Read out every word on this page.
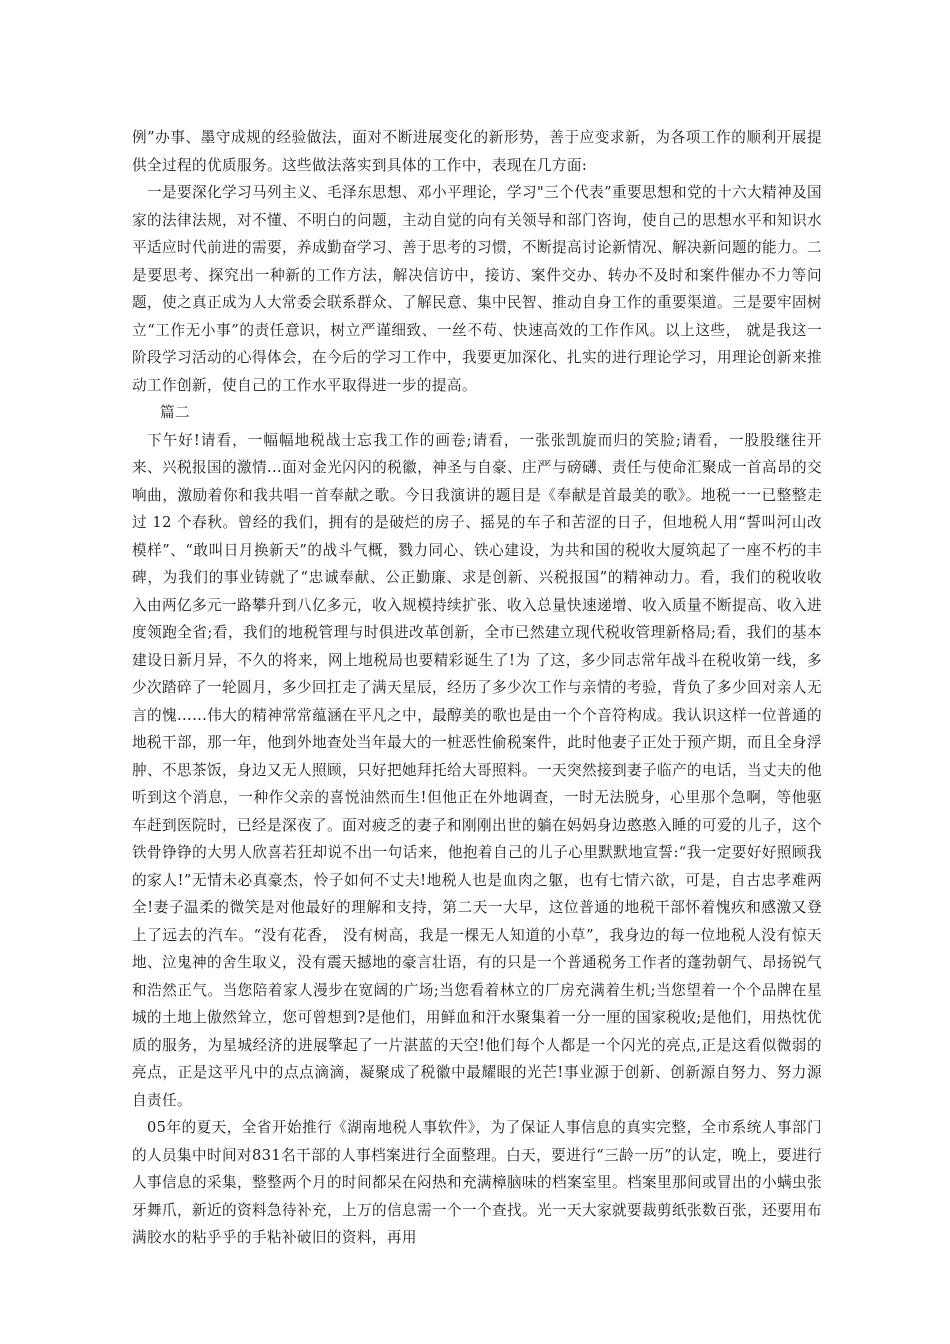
例”办事、墨守成规的经验做法，面对不断进展变化的新形势，善于应变求新，为各项工作的顺利开展提供全过程的优质服务。这些做法落实到具体的工作中，表现在几方面:

一是要深化学习马列主义、毛泽东思想、邓小平理论，学习"三个代表”重要思想和党的十六大精神及国家的法律法规，对不懂、不明白的问题，主动自觉的向有关领导和部门咨询，使自己的思想水平和知识水平适应时代前进的需要，养成勤奋学习、善于思考的习惯，不断提高讨论新情况、解决新问题的能力。二是要思考、探究出一种新的工作方法，解决信访中，接访、案件交办、转办不及时和案件催办不力等问题，使之真正成为人大常委会联系群众、了解民意、集中民智、推动自身工作的重要渠道。三是要牢固树立“工作无小事”的责任意识，树立严谨细致、一丝不苟、快速高效的工作作风。以上这些， 就是我这一阶段学习活动的心得体会，在今后的学习工作中，我要更加深化、扎实的进行理论学习，用理论创新来推动工作创新，使自己的工作水平取得进一步的提高。

篇二

下午好!请看，一幅幅地税战士忘我工作的画卷;请看，一张张凯旋而归的笑脸;请看，一股股继往开来、兴税报国的激情...面对金光闪闪的税徽，神圣与自豪、庄严与磅礴、责任与使命汇聚成一首高昂的交响曲，激励着你和我共唱一首奉献之歌。今日我演讲的题目是《奉献是首最美的歌》。地税一一已整整走过 12 个春秋。曾经的我们，拥有的是破烂的房子、摇晃的车子和苦涩的日子，但地税人用“誓叫河山改模样”、“敢叫日月换新天”的战斗气概，戮力同心、铁心建设，为共和国的税收大厦筑起了一座不朽的丰碑，为我们的事业铸就了“忠诚奉献、公正勤廉、求是创新、兴税报国”的精神动力。看，我们的税收收入由两亿多元一路攀升到八亿多元，收入规模持续扩张、收入总量快速递增、收入质量不断提高、收入进度领跑全省;看，我们的地税管理与时俱进改革创新，全市已然建立现代税收管理新格局;看，我们的基本建设日新月异，不久的将来，网上地税局也要精彩诞生了!为 了这，多少同志常年战斗在税收第一线，多少次踏碎了一轮圆月，多少回扛走了满天星辰，经历了多少次工作与亲情的考验，背负了多少回对亲人无言的愧......伟大的精神常常蕴涵在平凡之中，最醇美的歌也是由一个个音符构成。我认识这样一位普通的地税干部，那一年，他到外地查处当年最大的一桩恶性偷税案件，此时他妻子正处于预产期，而且全身浮肿、不思茶饭，身边又无人照顾，只好把她拜托给大哥照料。一天突然接到妻子临产的电话，当丈夫的他听到这个消息，一种作父亲的喜悦油然而生!但他正在外地调查，一时无法脱身，心里那个急啊，等他驱车赶到医院时，已经是深夜了。面对疲乏的妻子和刚刚出世的躺在妈妈身边憨憨入睡的可爱的儿子，这个铁骨铮铮的大男人欣喜若狂却说不出一句话来，他抱着自己的儿子心里默默地宣誓:“我一定要好好照顾我的家人!”无情未必真豪杰，怜子如何不丈夫!地税人也是血肉之躯，也有七情六欲，可是，自古忠孝难两全!妻子温柔的微笑是对他最好的理解和支持，第二天一大早，这位普通的地税干部怀着愧疚和感激又登上了远去的汽车。“没有花香， 没有树高，我是一棵无人知道的小草”，我身边的每一位地税人没有惊天地、泣鬼神的舍生取义，没有震天撼地的豪言壮语，有的只是一个普通税务工作者的蓬勃朝气、昂扬锐气和浩然正气。当您陪着家人漫步在宽阔的广场;当您看着林立的厂房充满着生机;当您望着一个个品牌在星城的土地上傲然耸立，您可曾想到?是他们，用鲜血和汗水聚集着一分一厘的国家税收;是他们，用热忱优质的服务，为星城经济的进展擎起了一片湛蓝的天空!他们每个人都是一个闪光的亮点,正是这看似微弱的亮点，正是这平凡中的点点滴滴，凝聚成了税徽中最耀眼的光芒!事业源于创新、创新源自努力、努力源自责任。

05年的夏天，全省开始推行《湖南地税人事软件》，为了保证人事信息的真实完整，全市系统人事部门的人员集中时间对831名干部的人事档案进行全面整理。白天，要进行“三龄一历”的认定，晚上，要进行人事信息的采集，整整两个月的时间都呆在闷热和充满樟脑味的档案室里。档案里那间或冒出的小螨虫张牙舞爪，新近的资料急待补充，上万的信息需一个一个查找。光一天大家就要裁剪纸张数百张，还要用布满胶水的粘乎乎的手粘补破旧的资料，再用
